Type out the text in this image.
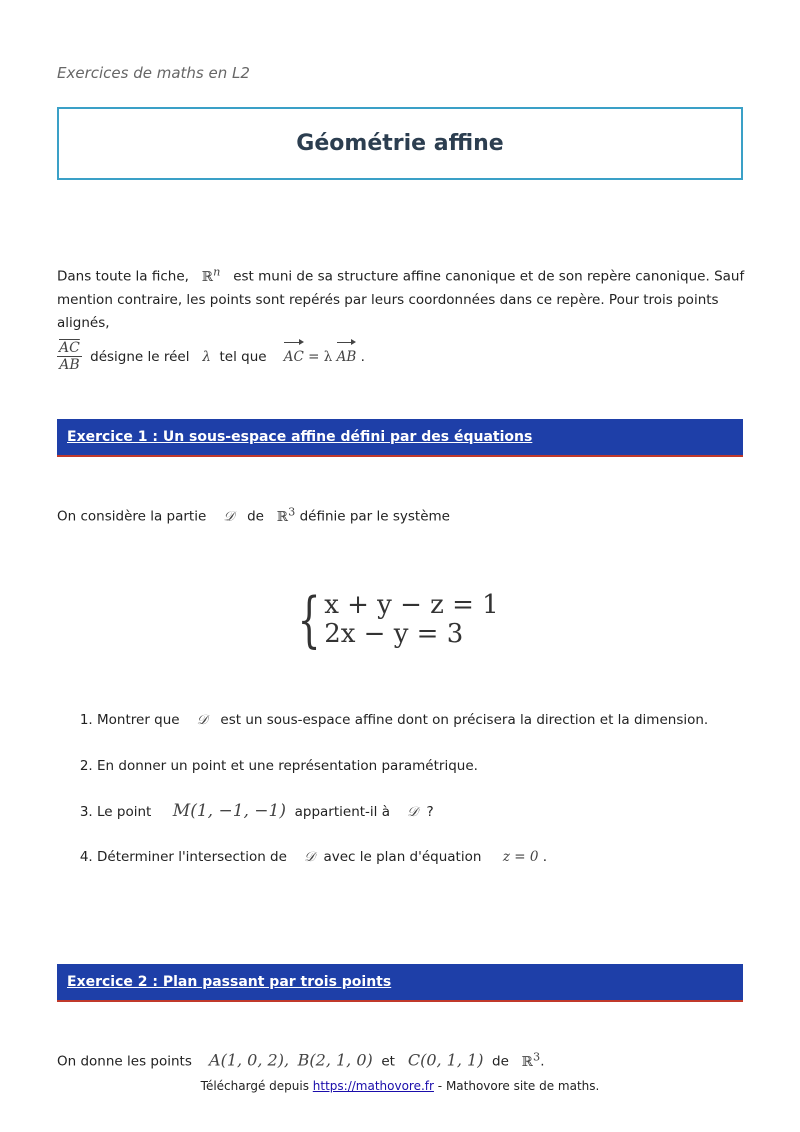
Exercices de maths en L2
Géométrie affine
Dans toute la fiche, ℝ$^n$ est muni de sa structure affine canonique et de son repère canonique. Sauf mention contraire, les points sont repérés par leurs coordonnées dans ce repère. Pour trois points alignés,
$\frac{\overline{AC}}{AB}$ désigne le réel λ tel que AC = λ AB .
Exercice 1 : Un sous-espace affine défini par des équations
On considère la partie 𝒟 de ℝ$^3$ définie par le système
{ x + y − z = 1
2x − y = 3
1. Montrer que 𝒟 est un sous-espace affine dont on précisera la direction et la dimension.
2. En donner un point et une représentation paramétrique.
3. Le point M(1, −1, −1) appartient-il à 𝒟 ?
4. Déterminer l'intersection de 𝒟 avec le plan d'équation z = 0 .
Exercice 2 : Plan passant par trois points
On donne les points A(1, 0, 2), B(2, 1, 0) et C(0, 1, 1) de ℝ$^3$.
Téléchargé depuis https://mathovore.fr - Mathovore site de maths.
